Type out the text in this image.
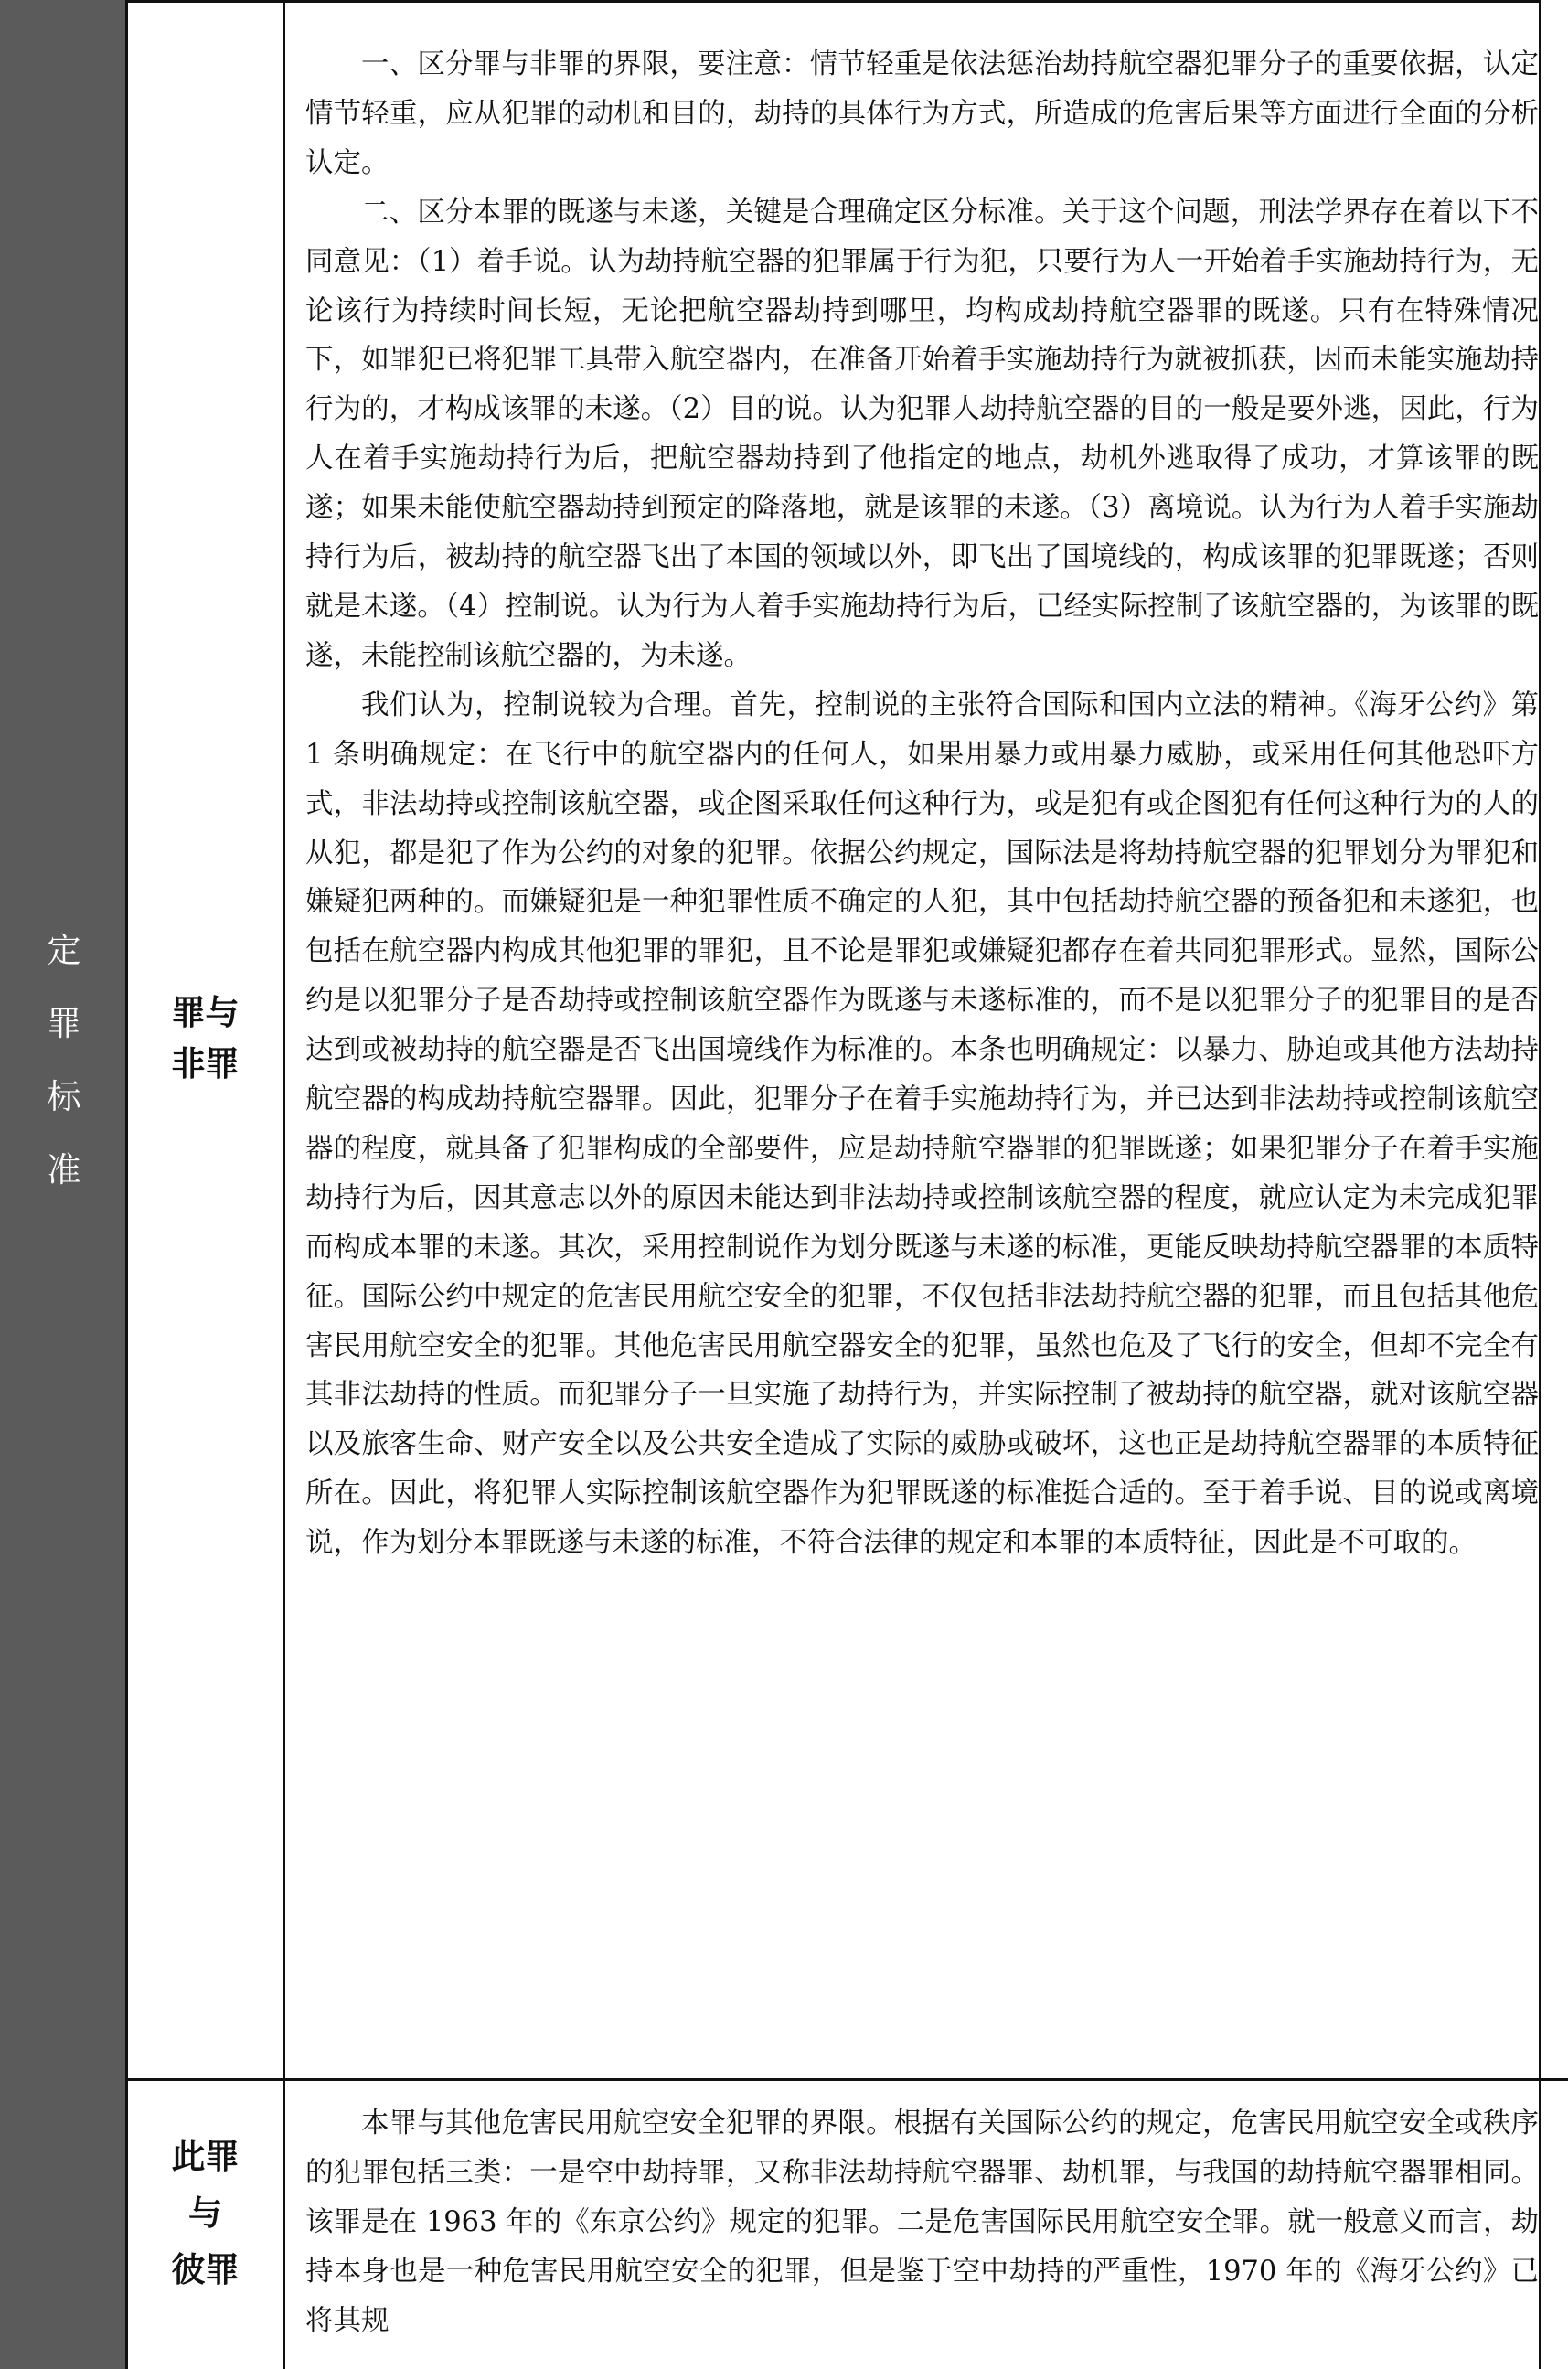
定
罪
标
准
罪与
非罪

一、区分罪与非罪的界限，要注意：情节轻重是依法惩治劫持航空器犯罪分子的重要依据，认定情节轻重，应从犯罪的动机和目的，劫持的具体行为方式，所造成的危害后果等方面进行全面的分析认定。

二、区分本罪的既遂与未遂，关键是合理确定区分标准。关于这个问题，刑法学界存在着以下不同意见：（1）着手说。认为劫持航空器的犯罪属于行为犯，只要行为人一开始着手实施劫持行为，无论该行为持续时间长短，无论把航空器劫持到哪里，均构成劫持航空器罪的既遂。只有在特殊情况下，如罪犯已将犯罪工具带入航空器内，在准备开始着手实施劫持行为就被抓获，因而未能实施劫持行为的，才构成该罪的未遂。（2）目的说。认为犯罪人劫持航空器的目的一般是要外逃，因此，行为人在着手实施劫持行为后，把航空器劫持到了他指定的地点，劫机外逃取得了成功，才算该罪的既遂；如果未能使航空器劫持到预定的降落地，就是该罪的未遂。（3）离境说。认为行为人着手实施劫持行为后，被劫持的航空器飞出了本国的领域以外，即飞出了国境线的，构成该罪的犯罪既遂；否则就是未遂。（4）控制说。认为行为人着手实施劫持行为后，已经实际控制了该航空器的，为该罪的既遂，未能控制该航空器的，为未遂。

我们认为，控制说较为合理。首先，控制说的主张符合国际和国内立法的精神。《海牙公约》第 1 条明确规定：在飞行中的航空器内的任何人，如果用暴力或用暴力威胁，或采用任何其他恐吓方式，非法劫持或控制该航空器，或企图采取任何这种行为，或是犯有或企图犯有任何这种行为的人的从犯，都是犯了作为公约的对象的犯罪。依据公约规定，国际法是将劫持航空器的犯罪划分为罪犯和嫌疑犯两种的。而嫌疑犯是一种犯罪性质不确定的人犯，其中包括劫持航空器的预备犯和未遂犯，也包括在航空器内构成其他犯罪的罪犯，且不论是罪犯或嫌疑犯都存在着共同犯罪形式。显然，国际公约是以犯罪分子是否劫持或控制该航空器作为既遂与未遂标准的，而不是以犯罪分子的犯罪目的是否达到或被劫持的航空器是否飞出国境线作为标准的。本条也明确规定：以暴力、胁迫或其他方法劫持航空器的构成劫持航空器罪。因此，犯罪分子在着手实施劫持行为，并已达到非法劫持或控制该航空器的程度，就具备了犯罪构成的全部要件，应是劫持航空器罪的犯罪既遂；如果犯罪分子在着手实施劫持行为后，因其意志以外的原因未能达到非法劫持或控制该航空器的程度，就应认定为未完成犯罪而构成本罪的未遂。其次，采用控制说作为划分既遂与未遂的标准，更能反映劫持航空器罪的本质特征。国际公约中规定的危害民用航空安全的犯罪，不仅包括非法劫持航空器的犯罪，而且包括其他危害民用航空安全的犯罪。其他危害民用航空器安全的犯罪，虽然也危及了飞行的安全，但却不完全有其非法劫持的性质。而犯罪分子一旦实施了劫持行为，并实际控制了被劫持的航空器，就对该航空器以及旅客生命、财产安全以及公共安全造成了实际的威胁或破坏，这也正是劫持航空器罪的本质特征所在。因此，将犯罪人实际控制该航空器作为犯罪既遂的标准挺合适的。至于着手说、目的说或离境说，作为划分本罪既遂与未遂的标准，不符合法律的规定和本罪的本质特征，因此是不可取的。

此罪
与
彼罪

本罪与其他危害民用航空安全犯罪的界限。根据有关国际公约的规定，危害民用航空安全或秩序的犯罪包括三类：一是空中劫持罪，又称非法劫持航空器罪、劫机罪，与我国的劫持航空器罪相同。该罪是在 1963 年的《东京公约》规定的犯罪。二是危害国际民用航空安全罪。就一般意义而言，劫持本身也是一种危害民用航空安全的犯罪，但是鉴于空中劫持的严重性，1970 年的《海牙公约》已将其规
